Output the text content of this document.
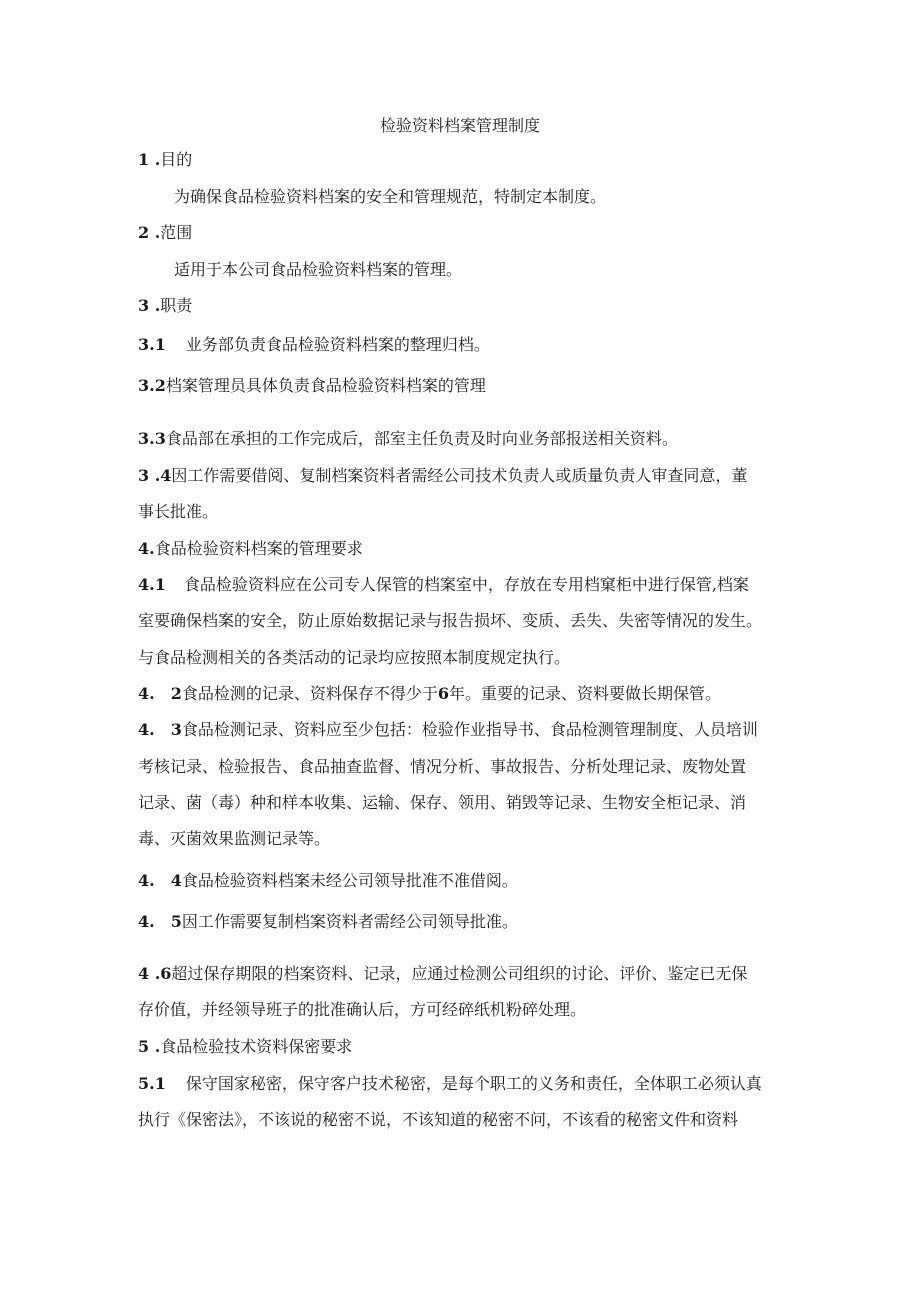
检验资料档案管理制度
1 .目的
为确保食品检验资料档案的安全和管理规范，特制定本制度。
2 .范围
适用于本公司食品检验资料档案的管理。
3 .职责
3.1 业务部负责食品检验资料档案的整理归档。
3.2档案管理员具体负责食品检验资料档案的管理
3.3食品部在承担的工作完成后，部室主任负责及时向业务部报送相关资料。
3 .4因工作需要借阅、复制档案资料者需经公司技术负责人或质量负责人审查同意，董
事长批准。
4.食品检验资料档案的管理要求
4.1 食品检验资料应在公司专人保管的档案室中，存放在专用档窠柜中进行保管,档案
室要确保档案的安全，防止原始数据记录与报告损坏、变质、丢失、失密等情况的发生。
与食品检测相关的各类活动的记录均应按照本制度规定执行。
4.　2食品检测的记录、资料保存不得少于6年。重要的记录、资料要做长期保管。
4.　3食品检测记录、资料应至少包括：检验作业指导书、食品检测管理制度、人员培训
考核记录、检验报告、食品抽查监督、情况分析、事故报告、分析处理记录、废物处置
记录、菌（毒）种和样本收集、运输、保存、领用、销毁等记录、生物安全柜记录、消
毒、灭菌效果监测记录等。
4.　4食品检验资料档案未经公司领导批准不准借阅。
4.　5因工作需要复制档案资料者需经公司领导批准。
4 .6超过保存期限的档案资料、记录，应通过检测公司组织的讨论、评价、鉴定已无保
存价值，并经领导班子的批准确认后，方可经碎纸机粉碎处理。
5 .食品检验技术资料保密要求
5.1 保守国家秘密，保守客户技术秘密，是每个职工的义务和责任，全体职工必须认真
执行《保密法》，不该说的秘密不说，不该知道的秘密不问，不该看的秘密文件和资料
